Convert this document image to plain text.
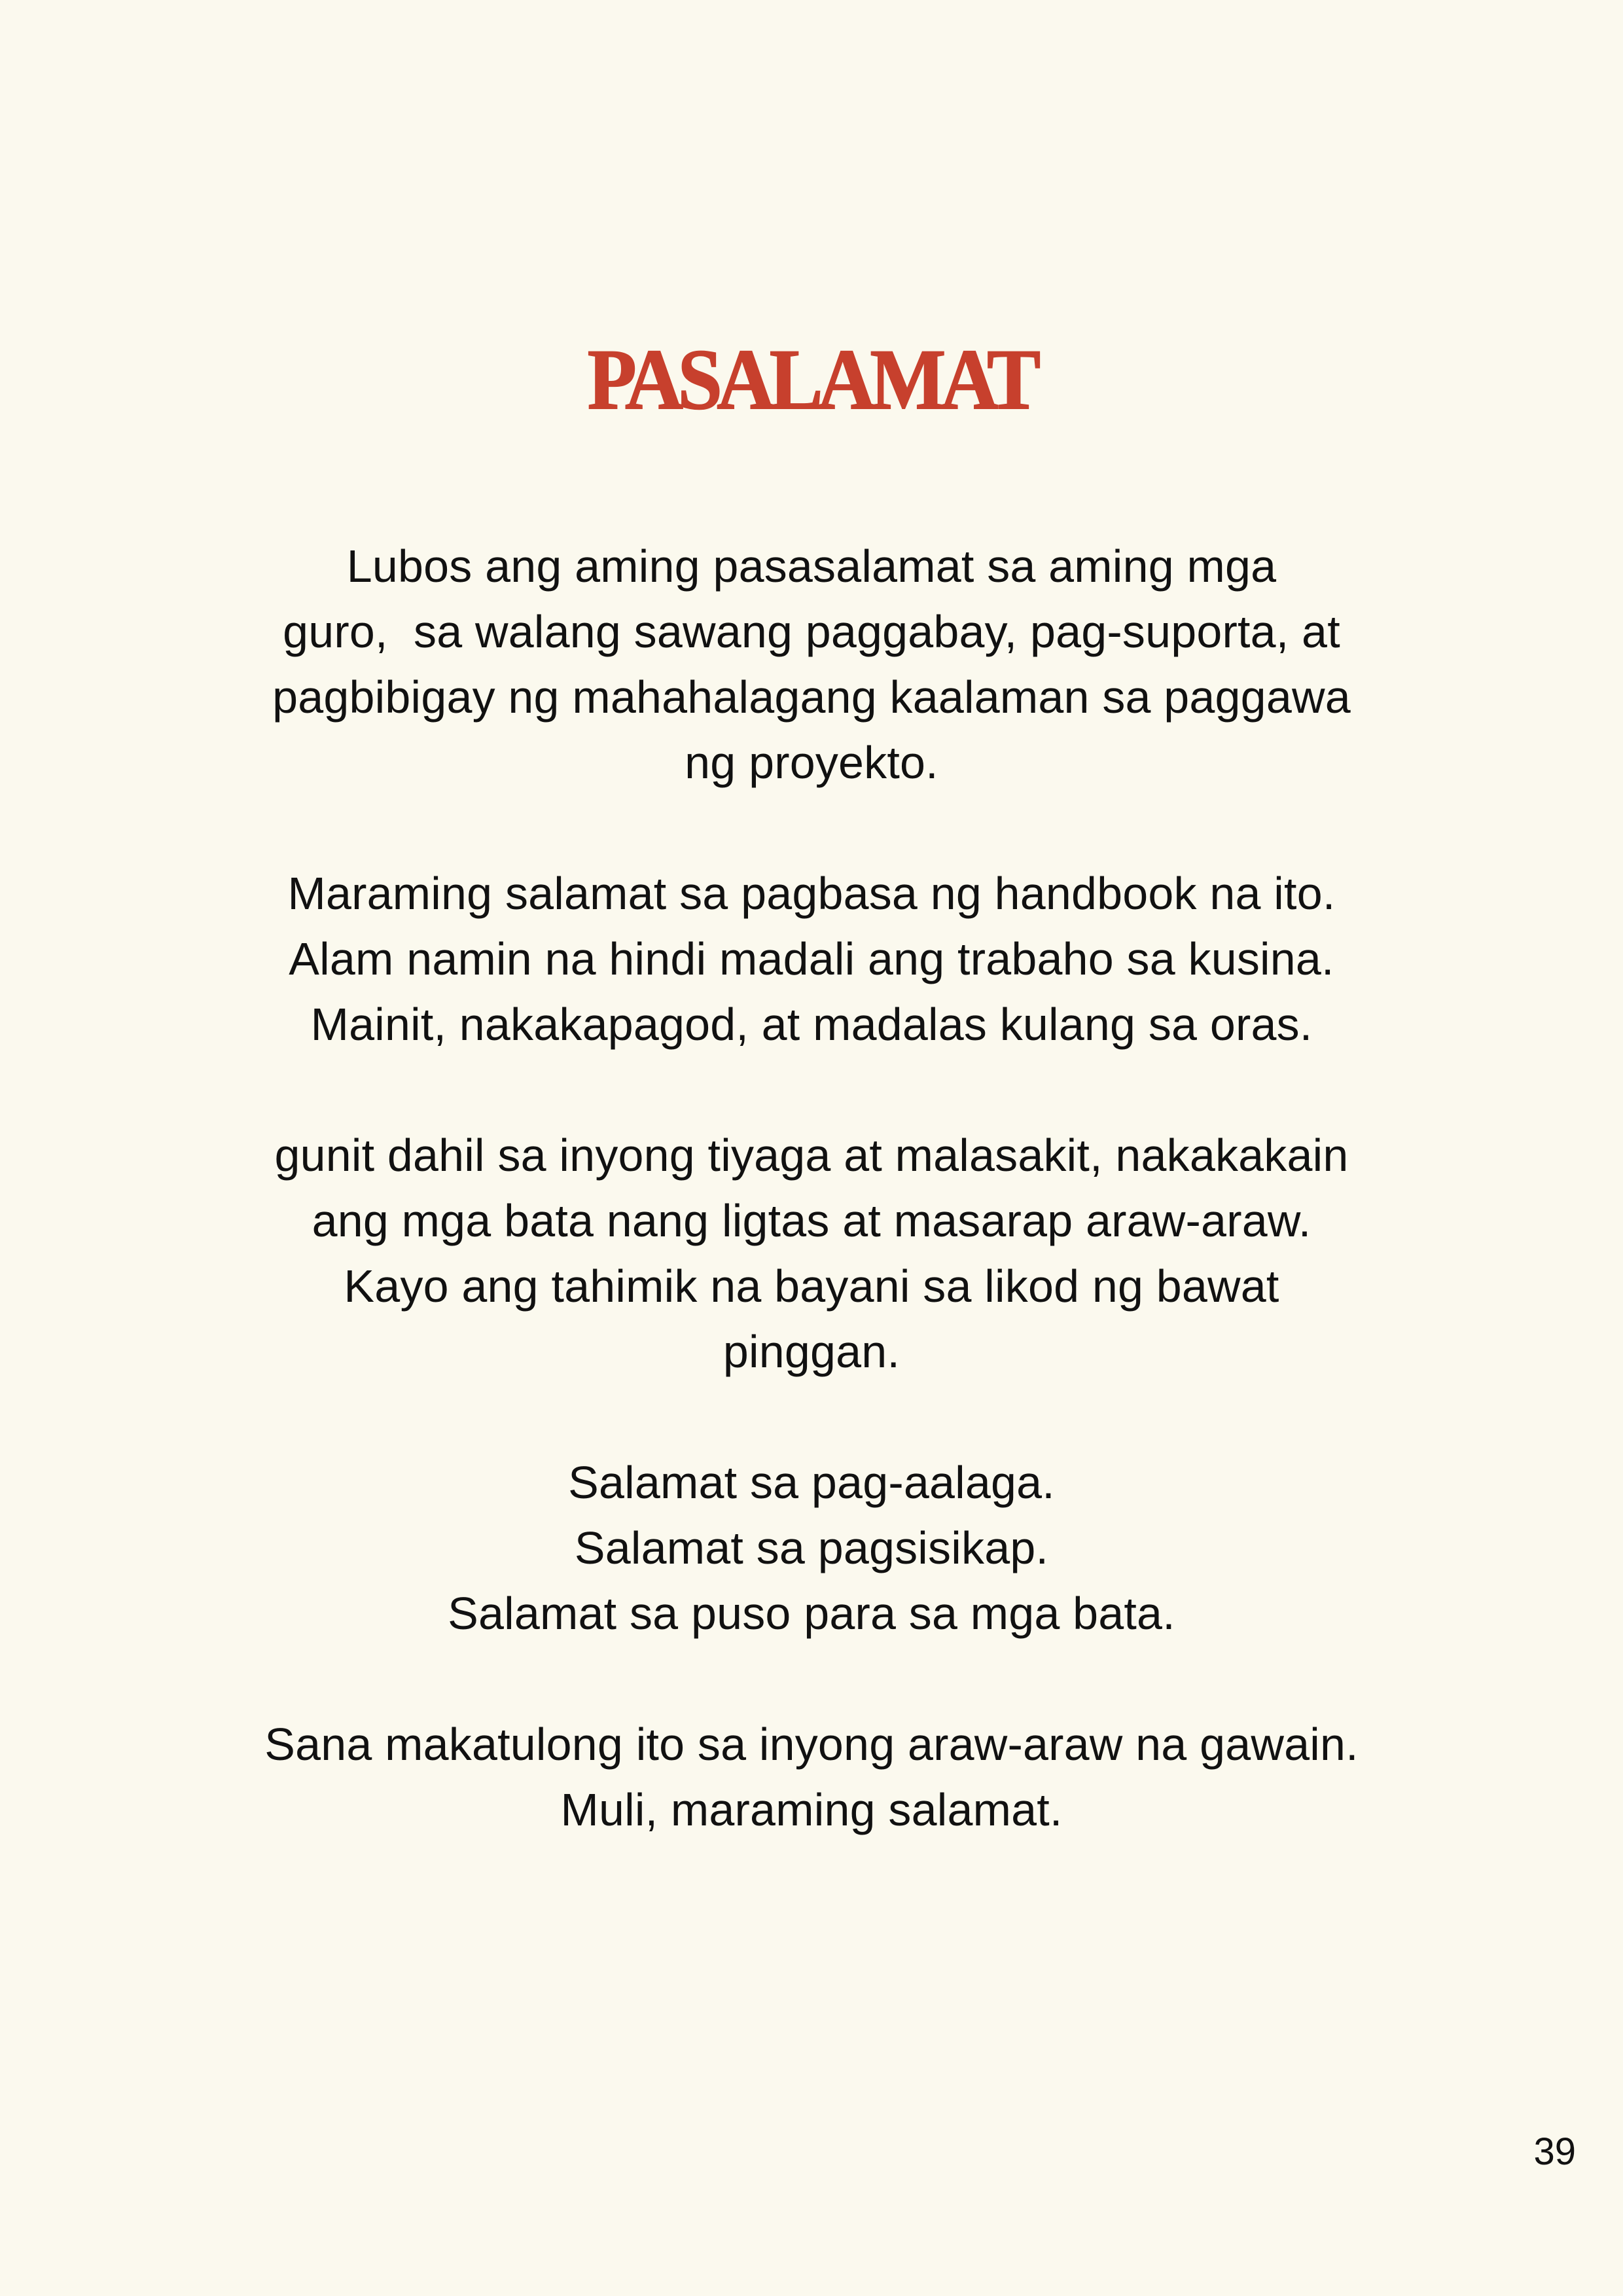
PASALAMAT

Lubos ang aming pasasalamat sa aming mga
guro,  sa walang sawang paggabay, pag-suporta, at
pagbibigay ng mahahalagang kaalaman sa paggawa
ng proyekto.

Maraming salamat sa pagbasa ng handbook na ito.
Alam namin na hindi madali ang trabaho sa kusina.
Mainit, nakakapagod, at madalas kulang sa oras.

gunit dahil sa inyong tiyaga at malasakit, nakakakain
ang mga bata nang ligtas at masarap araw-araw.
Kayo ang tahimik na bayani sa likod ng bawat
pinggan.

Salamat sa pag-aalaga.
Salamat sa pagsisikap.
Salamat sa puso para sa mga bata.

Sana makatulong ito sa inyong araw-araw na gawain.
Muli, maraming salamat.

39
